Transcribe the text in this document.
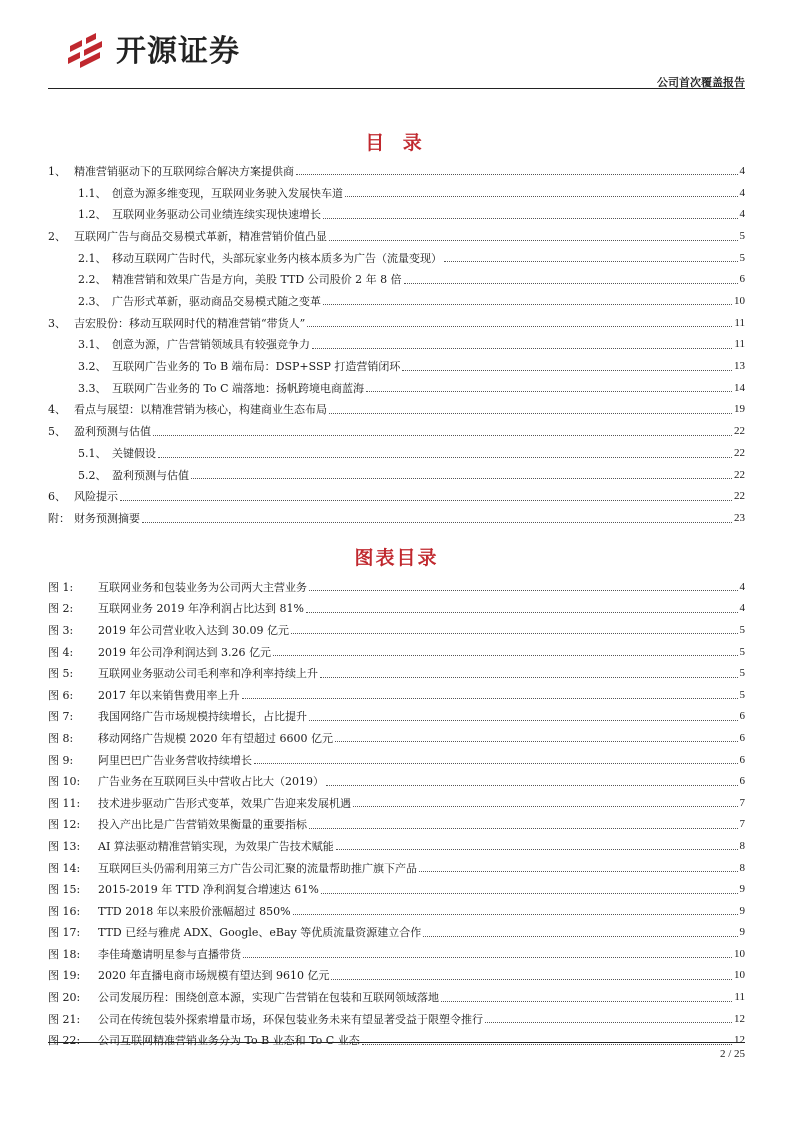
开源证券
公司首次覆盖报告
目 录
1、 精准营销驱动下的互联网综合解决方案提供商	4
1.1、 创意为源多维变现，互联网业务驶入发展快车道	4
1.2、 互联网业务驱动公司业绩连续实现快速增长	4
2、 互联网广告与商品交易模式革新，精准营销价值凸显	5
2.1、 移动互联网广告时代，头部玩家业务内核本质多为广告（流量变现）	5
2.2、 精准营销和效果广告是方向，美股 TTD 公司股价 2 年 8 倍	6
2.3、 广告形式革新，驱动商品交易模式随之变革	10
3、 吉宏股份：移动互联网时代的精准营销“带货人”	11
3.1、 创意为源，广告营销领域具有较强竞争力	11
3.2、 互联网广告业务的 To B 端布局：DSP+SSP 打造营销闭环	13
3.3、 互联网广告业务的 To C 端落地：扬帆跨境电商蓝海	14
4、 看点与展望：以精准营销为核心，构建商业生态布局	19
5、 盈利预测与估值	22
5.1、 关键假设	22
5.2、 盈利预测与估值	22
6、 风险提示	22
附： 财务预测摘要	23
图表目录
图 1:	互联网业务和包装业务为公司两大主营业务	4
图 2:	互联网业务 2019 年净利润占比达到 81%	4
图 3:	2019 年公司营业收入达到 30.09 亿元	5
图 4:	2019 年公司净利润达到 3.26 亿元	5
图 5:	互联网业务驱动公司毛利率和净利率持续上升	5
图 6:	2017 年以来销售费用率上升	5
图 7:	我国网络广告市场规模持续增长，占比提升	6
图 8:	移动网络广告规模 2020 年有望超过 6600 亿元	6
图 9:	阿里巴巴广告业务营收持续增长	6
图 10:	广告业务在互联网巨头中营收占比大（2019）	6
图 11:	技术进步驱动广告形式变革，效果广告迎来发展机遇	7
图 12:	投入产出比是广告营销效果衡量的重要指标	7
图 13:	AI 算法驱动精准营销实现，为效果广告技术赋能	8
图 14:	互联网巨头仍需利用第三方广告公司汇聚的流量帮助推广旗下产品	8
图 15:	2015-2019 年 TTD 净利润复合增速达 61%	9
图 16:	TTD 2018 年以来股价涨幅超过 850%	9
图 17:	TTD 已经与雅虎 ADX、Google、eBay 等优质流量资源建立合作	9
图 18:	李佳琦邀请明星参与直播带货	10
图 19:	2020 年直播电商市场规模有望达到 9610 亿元	10
图 20:	公司发展历程：围绕创意本源，实现广告营销在包装和互联网领域落地	11
图 21:	公司在传统包装外探索增量市场，环保包装业务未来有望显著受益于限塑令推行	12
图 22:	公司互联网精准营销业务分为 To B 业态和 To C 业态	12
2 / 25
